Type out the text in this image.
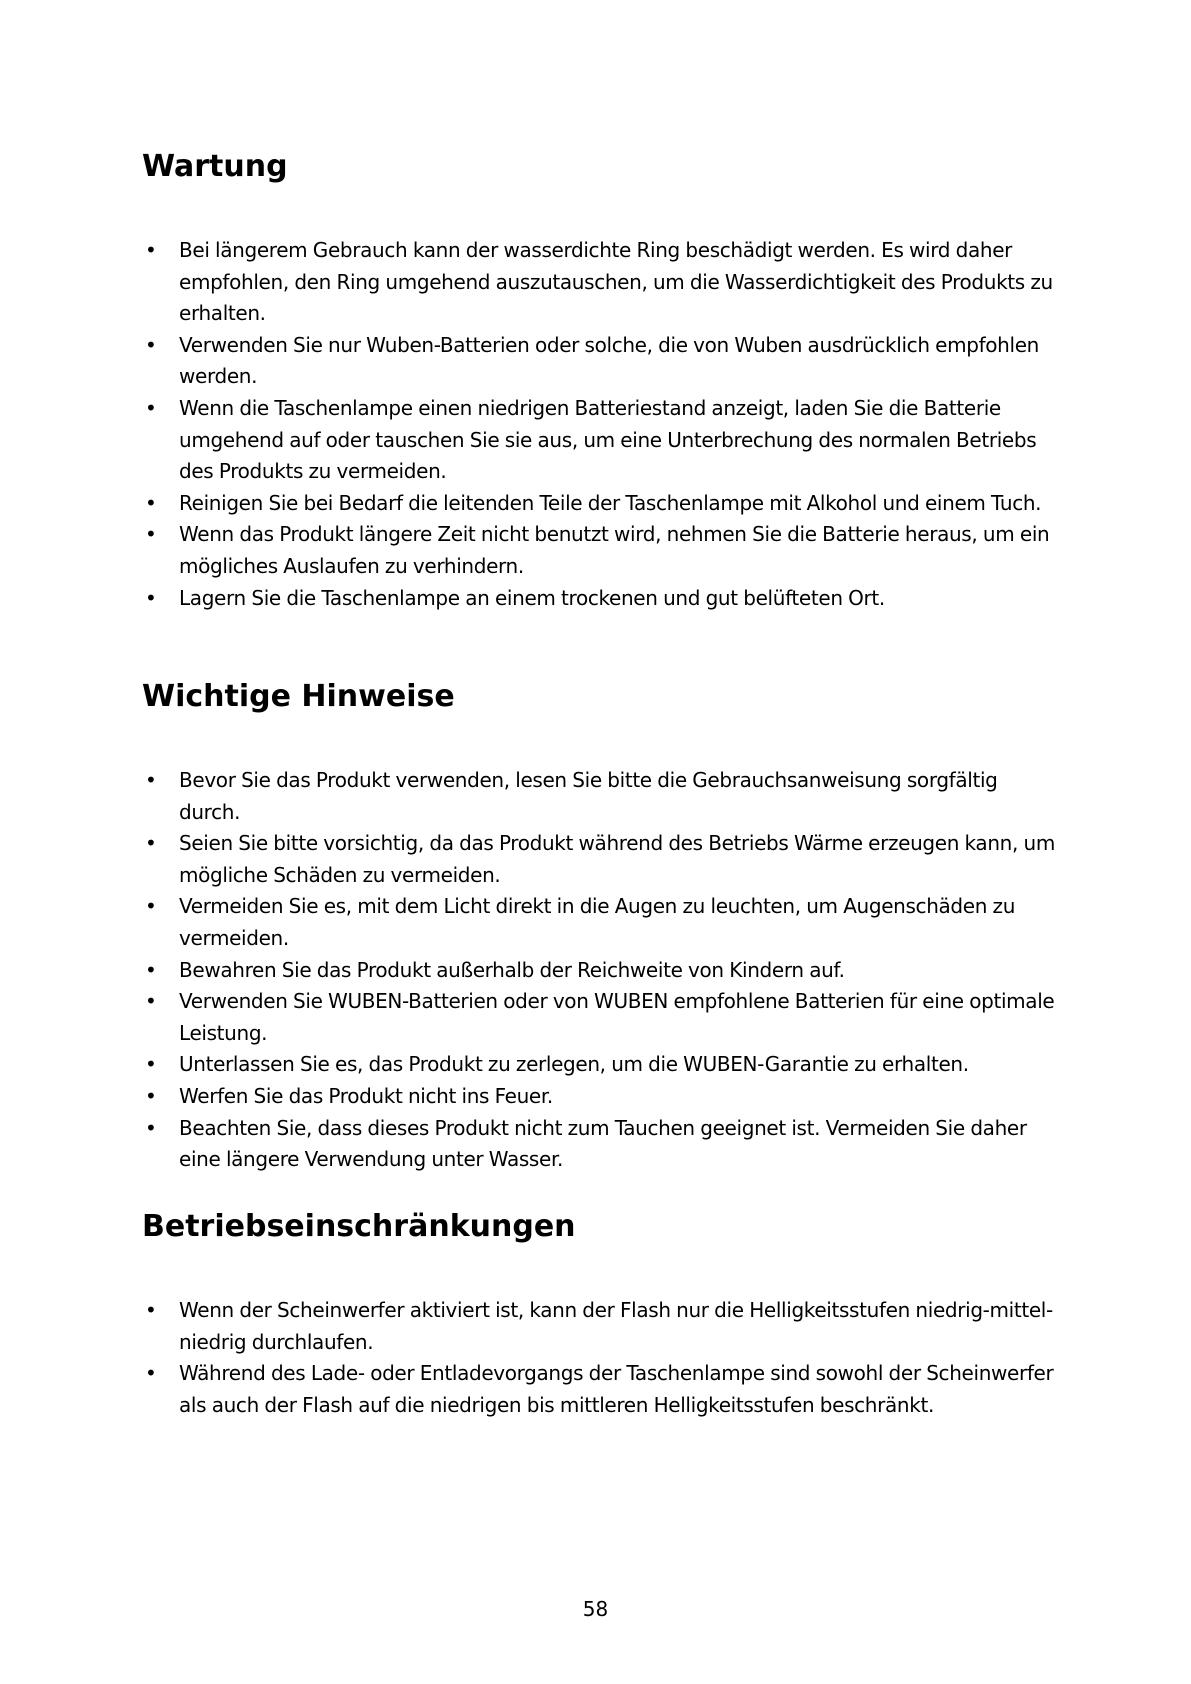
Wartung
• Bei längerem Gebrauch kann der wasserdichte Ring beschädigt werden. Es wird daher empfohlen, den Ring umgehend auszutauschen, um die Wasserdichtigkeit des Produkts zu erhalten.
• Verwenden Sie nur Wuben-Batterien oder solche, die von Wuben ausdrücklich empfohlen werden.
• Wenn die Taschenlampe einen niedrigen Batteriestand anzeigt, laden Sie die Batterie umgehend auf oder tauschen Sie sie aus, um eine Unterbrechung des normalen Betriebs des Produkts zu vermeiden.
• Reinigen Sie bei Bedarf die leitenden Teile der Taschenlampe mit Alkohol und einem Tuch.
• Wenn das Produkt längere Zeit nicht benutzt wird, nehmen Sie die Batterie heraus, um ein mögliches Auslaufen zu verhindern.
• Lagern Sie die Taschenlampe an einem trockenen und gut belüfteten Ort.
Wichtige Hinweise
• Bevor Sie das Produkt verwenden, lesen Sie bitte die Gebrauchsanweisung sorgfältig durch.
• Seien Sie bitte vorsichtig, da das Produkt während des Betriebs Wärme erzeugen kann, um mögliche Schäden zu vermeiden.
• Vermeiden Sie es, mit dem Licht direkt in die Augen zu leuchten, um Augenschäden zu vermeiden.
• Bewahren Sie das Produkt außerhalb der Reichweite von Kindern auf.
• Verwenden Sie WUBEN-Batterien oder von WUBEN empfohlene Batterien für eine optimale Leistung.
• Unterlassen Sie es, das Produkt zu zerlegen, um die WUBEN-Garantie zu erhalten.
• Werfen Sie das Produkt nicht ins Feuer.
• Beachten Sie, dass dieses Produkt nicht zum Tauchen geeignet ist. Vermeiden Sie daher eine längere Verwendung unter Wasser.
Betriebseinschränkungen
• Wenn der Scheinwerfer aktiviert ist, kann der Flash nur die Helligkeitsstufen niedrig-mittel-niedrig durchlaufen.
• Während des Lade- oder Entladevorgangs der Taschenlampe sind sowohl der Scheinwerfer als auch der Flash auf die niedrigen bis mittleren Helligkeitsstufen beschränkt.
58
